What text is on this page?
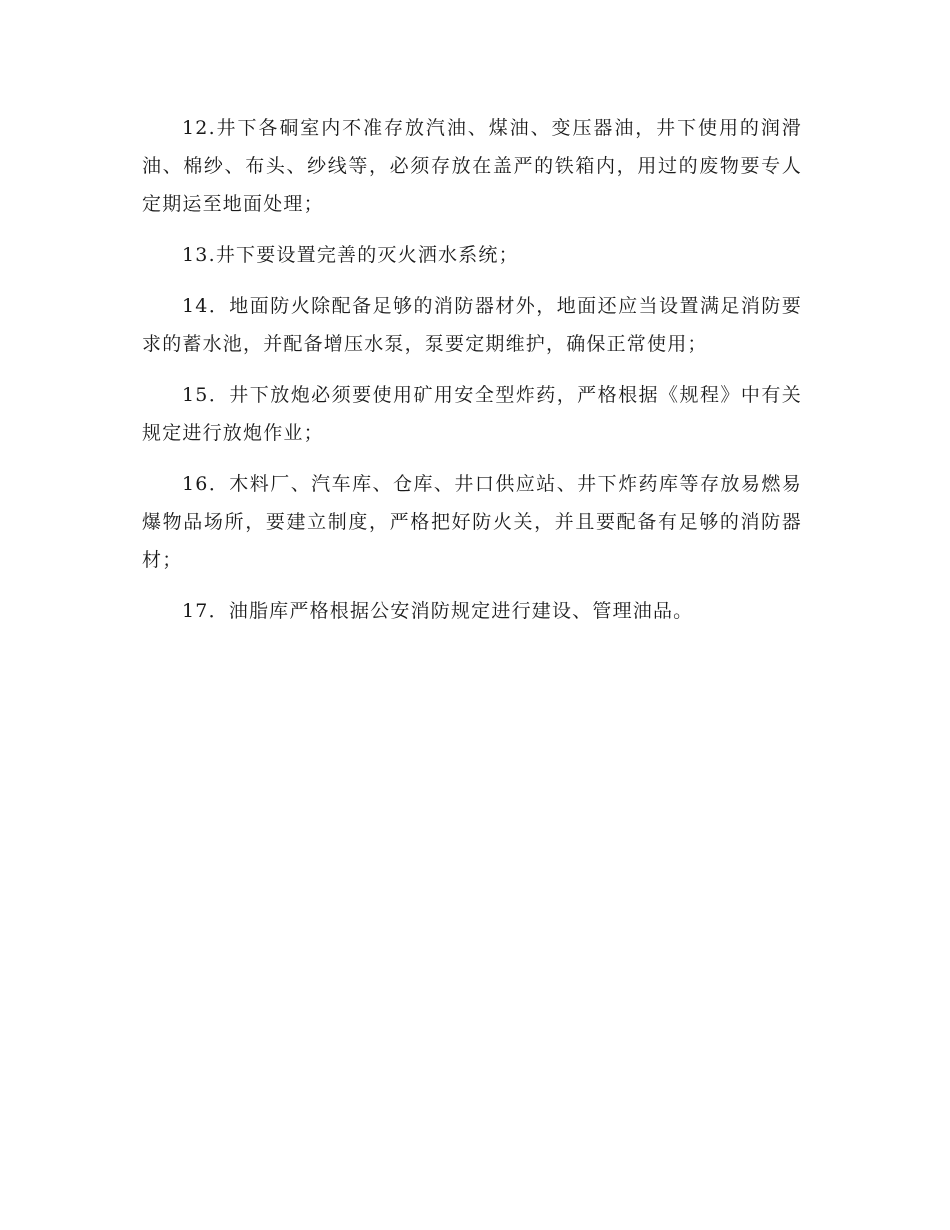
12.井下各硐室内不准存放汽油、煤油、变压器油，井下使用的润滑油、棉纱、布头、纱线等，必须存放在盖严的铁箱内，用过的废物要专人定期运至地面处理；

13.井下要设置完善的灭火洒水系统；

14．地面防火除配备足够的消防器材外，地面还应当设置满足消防要求的蓄水池，并配备增压水泵，泵要定期维护，确保正常使用；

15．井下放炮必须要使用矿用安全型炸药，严格根据《规程》中有关规定进行放炮作业；

16．木料厂、汽车库、仓库、井口供应站、井下炸药库等存放易燃易爆物品场所，要建立制度，严格把好防火关，并且要配备有足够的消防器材；

17．油脂库严格根据公安消防规定进行建设、管理油品。
